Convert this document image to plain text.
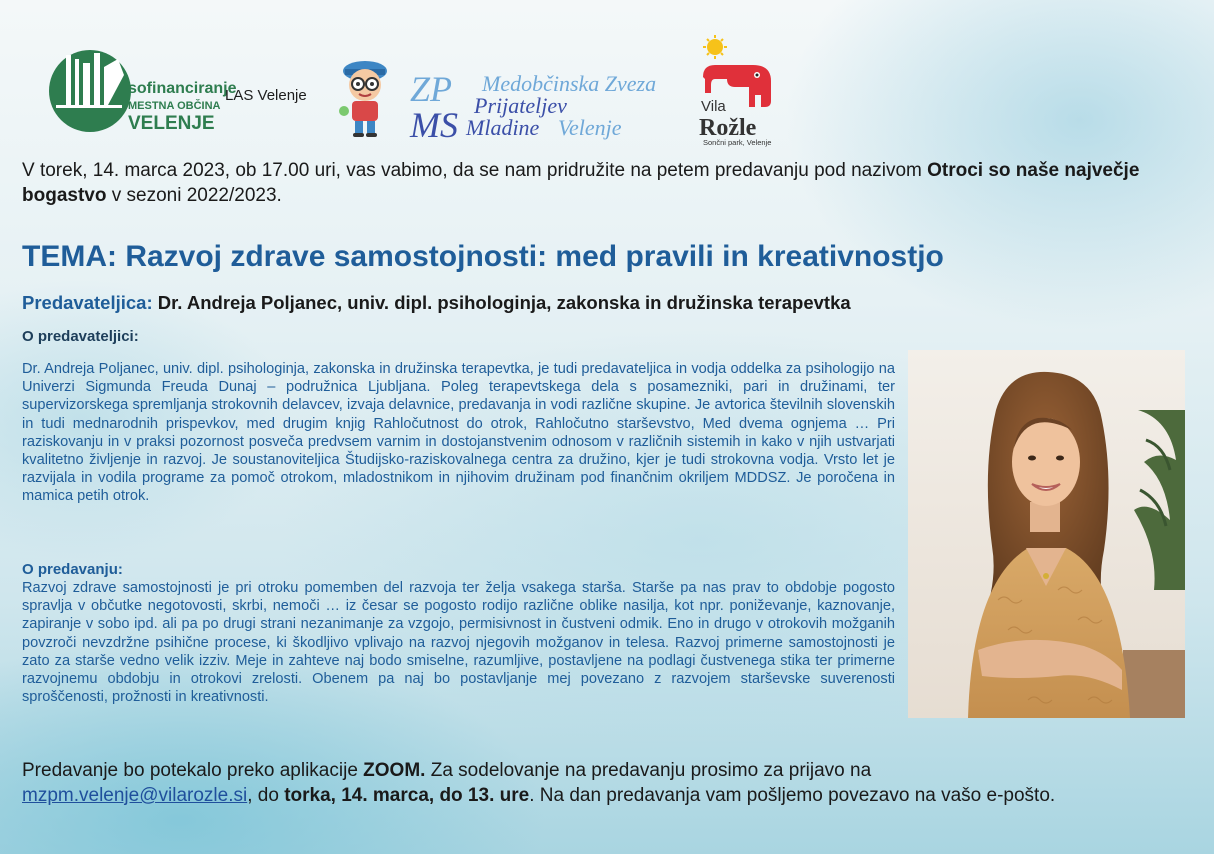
sofinanciranje
MESTNA OBČINA
VELENJE
LAS Velenje	ZP
MS
Medobčinska Zveza
Prijateljev
Mladine Velenje
Vila
Rožle
Sončni park, Velenje

V torek, 14. marca 2023, ob 17.00 uri, vas vabimo, da se nam pridružite na petem predavanju pod nazivom Otroci so naše največje bogastvo v sezoni 2022/2023.

TEMA: Razvoj zdrave samostojnosti: med pravili in kreativnostjo
Predavateljica: Dr. Andreja Poljanec, univ. dipl. psihologinja, zakonska in družinska terapevtka
O predavateljici:
Dr. Andreja Poljanec, univ. dipl. psihologinja, zakonska in družinska terapevtka, je tudi predavateljica in vodja oddelka za psihologijo na Univerzi Sigmunda Freuda Dunaj – podružnica Ljubljana. Poleg terapevtskega dela s posamezniki, pari in družinami, ter supervizorskega spremljanja strokovnih delavcev, izvaja delavnice, predavanja in vodi različne skupine. Je avtorica številnih slovenskih in tudi mednarodnih prispevkov, med drugim knjig Rahločutnost do otrok, Rahločutno starševstvo, Med dvema ognjema … Pri raziskovanju in v praksi pozornost posveča predvsem varnim in dostojanstvenim odnosom v različnih sistemih in kako v njih ustvarjati kvalitetno življenje in razvoj. Je soustanoviteljica Študijsko-raziskovalnega centra za družino, kjer je tudi strokovna vodja. Vrsto let je razvijala in vodila programe za pomoč otrokom, mladostnikom in njihovim družinam pod finančnim okriljem MDDSZ. Je poročena in mamica petih otrok.
O predavanju:
Razvoj zdrave samostojnosti je pri otroku pomemben del razvoja ter želja vsakega starša. Starše pa nas prav to obdobje pogosto spravlja v občutke negotovosti, skrbi, nemoči … iz česar se pogosto rodijo različne oblike nasilja, kot npr. poniževanje, kaznovanje, zapiranje v sobo ipd. ali pa po drugi strani nezanimanje za vzgojo, permisivnost in čustveni odmik. Eno in drugo v otrokovih možganih povzroči nevzdržne psihične procese, ki škodljivo vplivajo na razvoj njegovih možganov in telesa. Razvoj primerne samostojnosti je zato za starše vedno velik izziv. Meje in zahteve naj bodo smiselne, razumljive, postavljene na podlagi čustvenega stika ter primerne razvojnemu obdobju in otrokovi zrelosti. Obenem pa naj bo postavljanje mej povezano z razvojem starševske suverenosti sproščenosti, prožnosti in kreativnosti.

Predavanje bo potekalo preko aplikacije ZOOM. Za sodelovanje na predavanju prosimo za prijavo na
mzpm.velenje@vilarozle.si, do torka, 14. marca, do 13. ure. Na dan predavanja vam pošljemo povezavo na vašo e-pošto.
